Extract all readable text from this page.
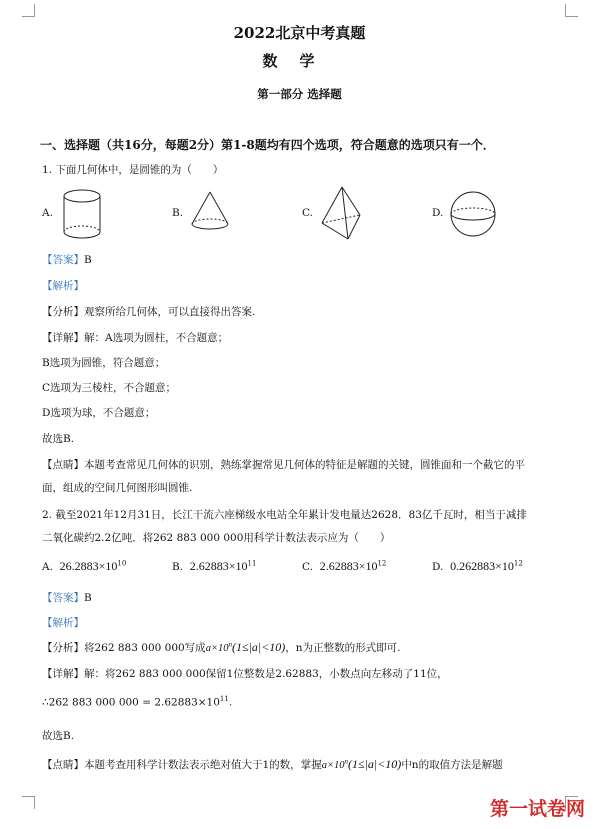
2022北京中考真题
数学
第一部分 选择题
一、选择题（共16分，每题2分）第1-8题均有四个选项，符合题意的选项只有一个．
1. 下面几何体中，是圆锥的为（　　）
A.	B.	C.	D.
【答案】B
【解析】
【分析】观察所给几何体，可以直接得出答案.
【详解】解：A选项为圆柱，不合题意；
B选项为圆锥，符合题意；
C选项为三棱柱，不合题意；
D选项为球，不合题意；
故选B.
【点睛】本题考查常见几何体的识别，熟练掌握常见几何体的特征是解题的关键，圆锥面和一个截它的平
面，组成的空间几何图形叫圆锥.
2. 截至2021年12月31日，长江干流六座梯级水电站全年累计发电量达2628．83亿千瓦时，相当于减排
二氧化碳约2.2亿吨．将262 883 000 000用科学计数法表示应为（　　）
A. $26.2883\times 10^{10}$	B. $2.62883\times 10^{11}$	C. $2.62883\times 10^{12}$	D. $0.262883\times 10^{12}$
【答案】B
【解析】
【分析】将262 883 000 000写成$a\times 10^n(1\le|a|<10)$，n为正整数的形式即可.
【详解】解：将262 883 000 000保留1位整数是2.62883，小数点向左移动了11位，
∴262 883 000 $000 = 2.62883\times 10^{11}$.
故选B.
【点睛】本题考查用科学计数法表示绝对值大于1的数，掌握$a\times 10^n(1\le|a|<10)$中n的取值方法是解题
第一试卷网
